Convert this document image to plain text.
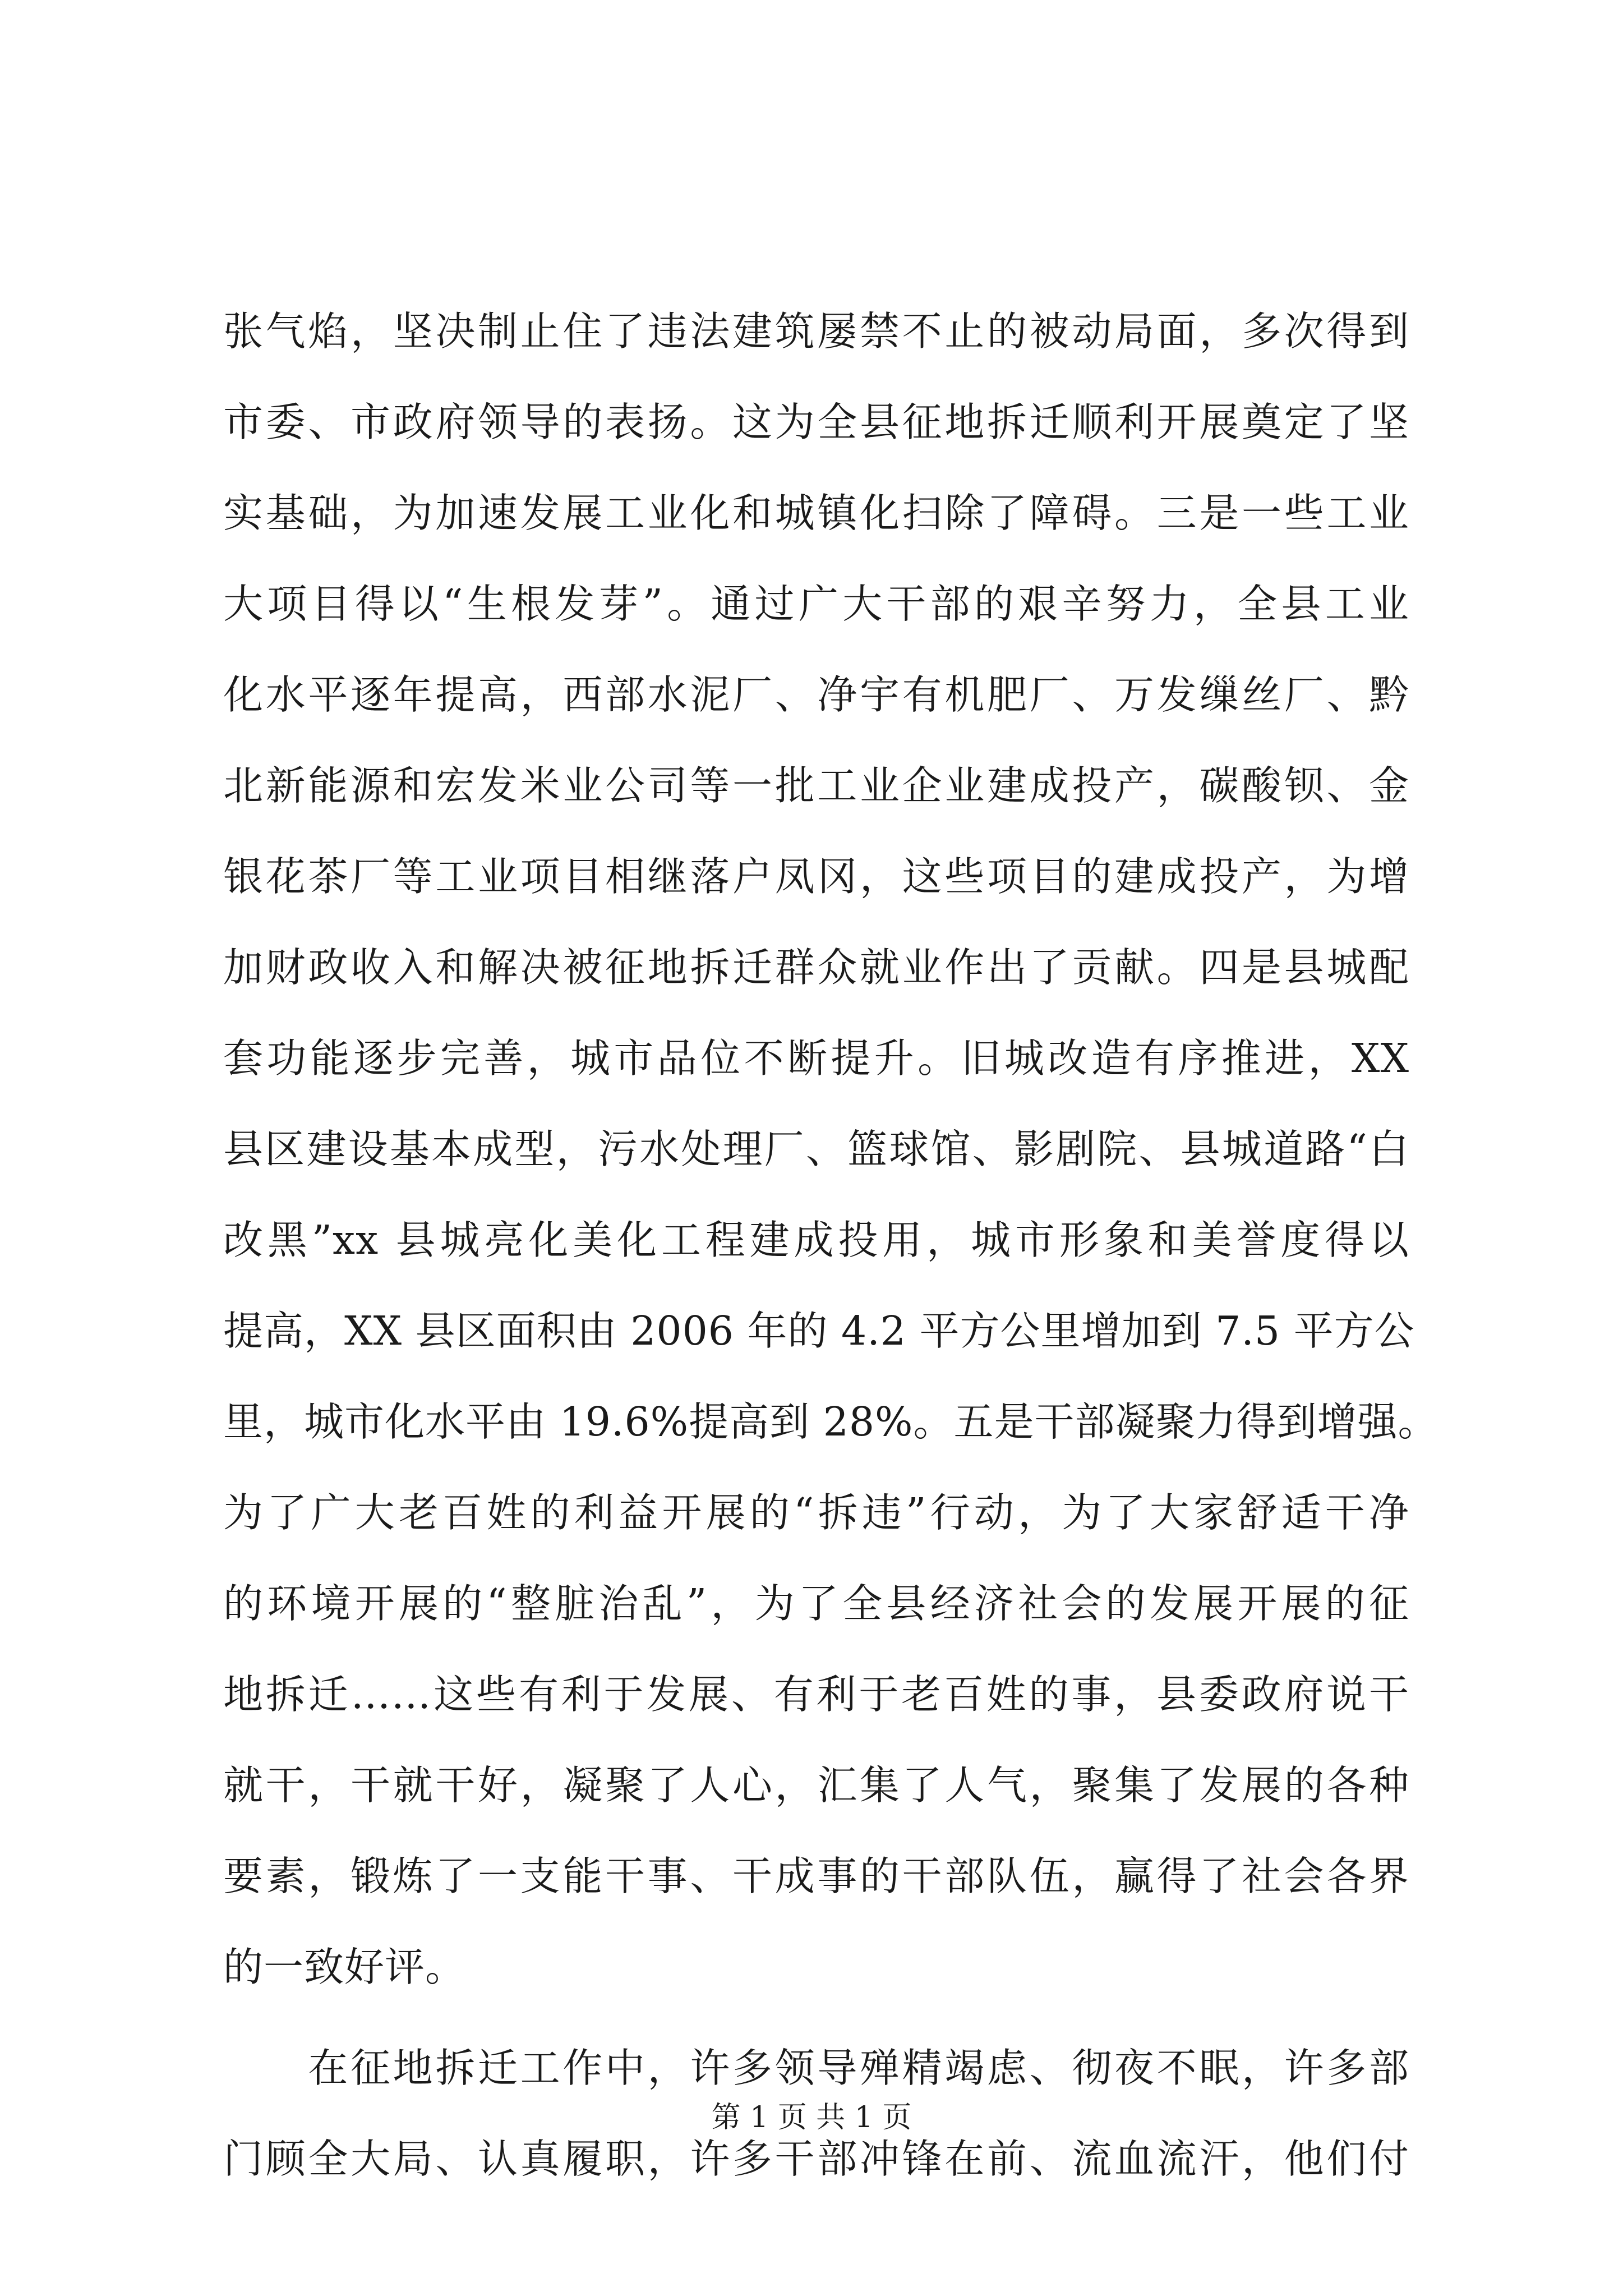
张气焰，坚决制止住了违法建筑屡禁不止的被动局面，多次得到
市委、市政府领导的表扬。这为全县征地拆迁顺利开展奠定了坚
实基础，为加速发展工业化和城镇化扫除了障碍。三是一些工业
大项目得以“生根发芽”。通过广大干部的艰辛努力，全县工业
化水平逐年提高，西部水泥厂、净宇有机肥厂、万发缫丝厂、黔
北新能源和宏发米业公司等一批工业企业建成投产，碳酸钡、金
银花茶厂等工业项目相继落户凤冈，这些项目的建成投产，为增
加财政收入和解决被征地拆迁群众就业作出了贡献。四是县城配
套功能逐步完善，城市品位不断提升。旧城改造有序推进，XX
县区建设基本成型，污水处理厂、篮球馆、影剧院、县城道路“白
改黑”xx 县城亮化美化工程建成投用，城市形象和美誉度得以
提高，XX 县区面积由 2006 年的 4.2 平方公里增加到 7.5 平方公
里，城市化水平由 19.6%提高到 28%。五是干部凝聚力得到增强。
为了广大老百姓的利益开展的“拆违”行动，为了大家舒适干净
的环境开展的“整脏治乱”，为了全县经济社会的发展开展的征
地拆迁……这些有利于发展、有利于老百姓的事，县委政府说干
就干，干就干好，凝聚了人心，汇集了人气，聚集了发展的各种
要素，锻炼了一支能干事、干成事的干部队伍，赢得了社会各界
的一致好评。
　　在征地拆迁工作中，许多领导殚精竭虑、彻夜不眠，许多部
门顾全大局、认真履职，许多干部冲锋在前、流血流汗，他们付
第 1 页 共 1 页
